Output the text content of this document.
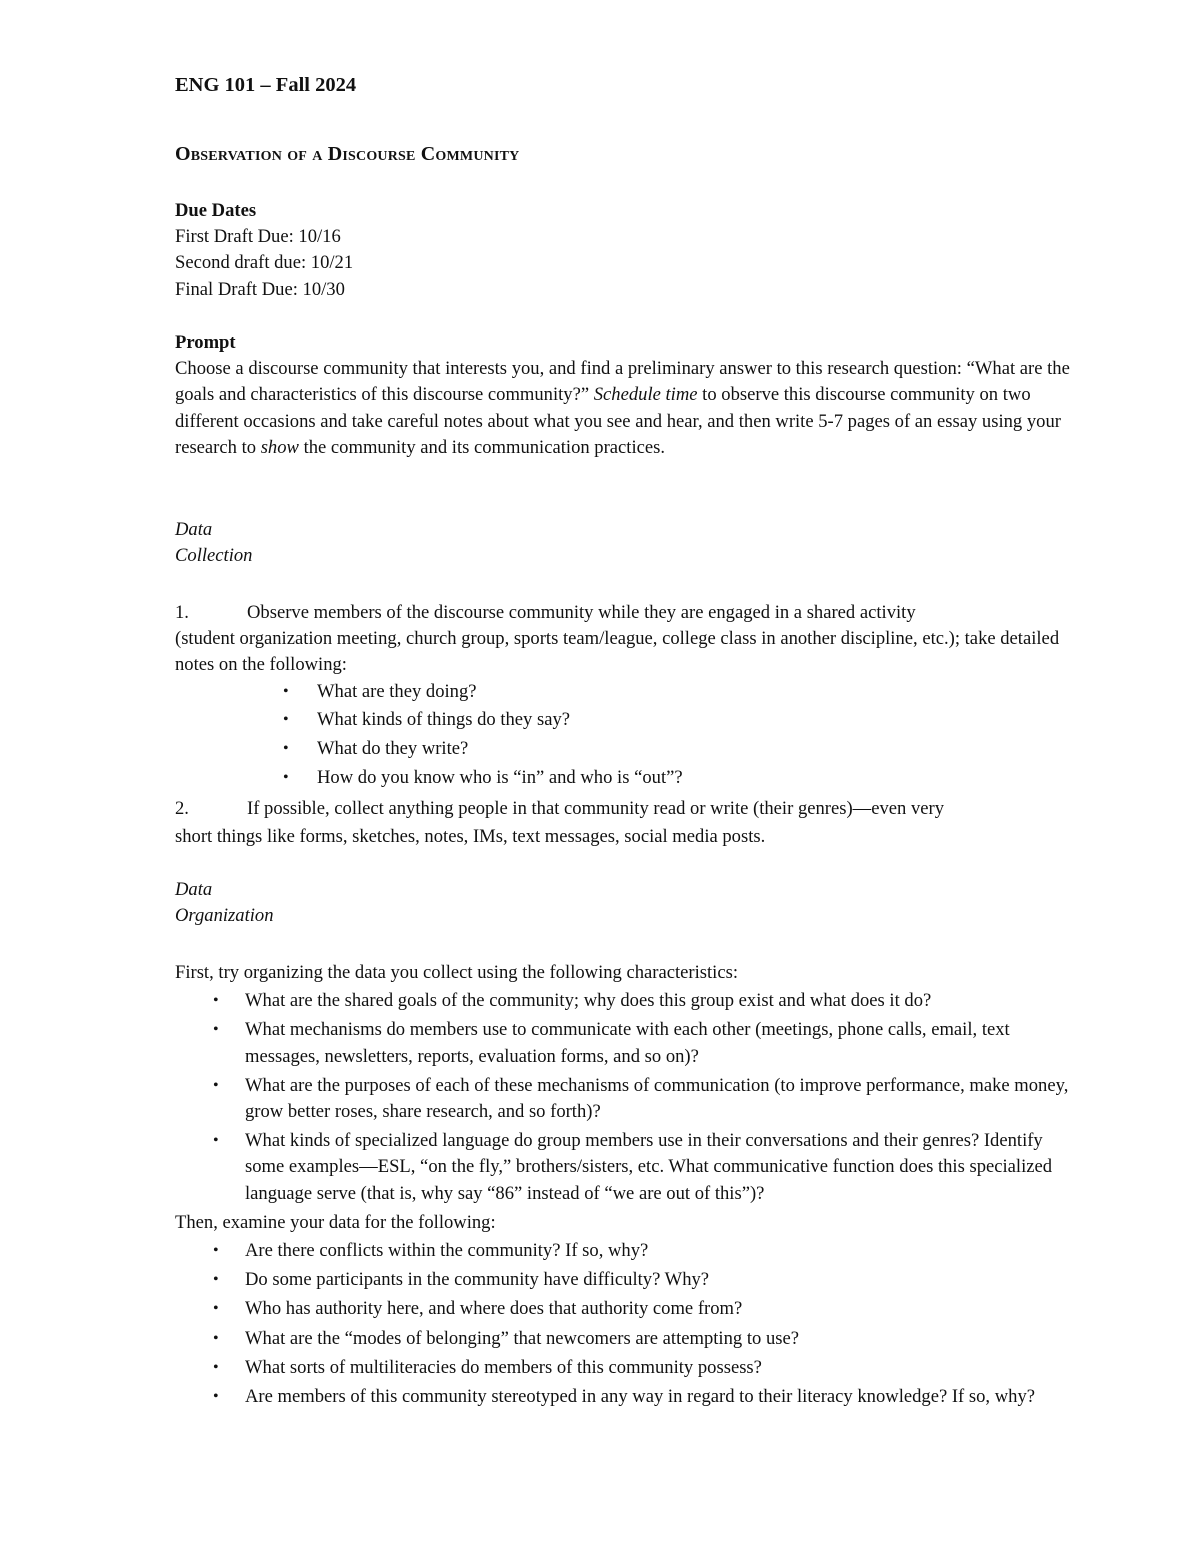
ENG 101 – Fall 2024
Observation of a Discourse Community
Due Dates
First Draft Due: 10/16
Second draft due: 10/21
Final Draft Due: 10/30
Prompt

Choose a discourse community that interests you, and find a preliminary answer to this research question: “What are the goals and characteristics of this discourse community?” Schedule time to observe this discourse community on two different occasions and take careful notes about what you see and hear, and then write 5-7 pages of an essay using your research to show the community and its communication practices.

Data
Collection
1.	Observe members of the discourse community while they are engaged in a shared activity
(student organization meeting, church group, sports team/league, college class in another discipline, etc.); take detailed notes on the following:
• What are they doing?
• What kinds of things do they say?
• What do they write?
• How do you know who is “in” and who is “out”?
2.	If possible, collect anything people in that community read or write (their genres)—even very
short things like forms, sketches, notes, IMs, text messages, social media posts.
Data
Organization
First, try organizing the data you collect using the following characteristics:
• What are the shared goals of the community; why does this group exist and what does it do?
• What mechanisms do members use to communicate with each other (meetings, phone calls, email, text messages, newsletters, reports, evaluation forms, and so on)?
• What are the purposes of each of these mechanisms of communication (to improve performance, make money, grow better roses, share research, and so forth)?
• What kinds of specialized language do group members use in their conversations and their genres? Identify some examples—ESL, “on the fly,” brothers/sisters, etc. What communicative function does this specialized language serve (that is, why say “86” instead of “we are out of this”)?
Then, examine your data for the following:
• Are there conflicts within the community? If so, why?
• Do some participants in the community have difficulty? Why?
• Who has authority here, and where does that authority come from?
• What are the “modes of belonging” that newcomers are attempting to use?
• What sorts of multiliteracies do members of this community possess?
• Are members of this community stereotyped in any way in regard to their literacy knowledge? If so, why?
